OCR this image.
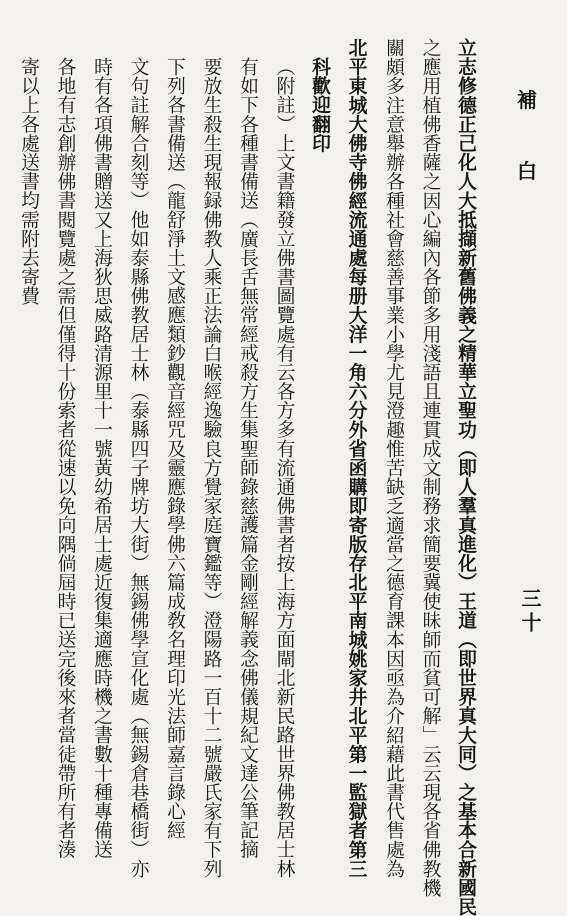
補
白
三十
立志修德正己化人大抵擷新舊佛義之精華立聖功（即人羣真進化）王道（即世界真大同）之基本合新國民
之應用植佛香薩之因心編內各節多用淺語且連貫成文制務求簡要冀使昧師而貧可解」云云現各省佛教機
關頗多注意舉辦各種社會慈善事業小學尤見澄趣惟苦缺乏適當之德育課本因亟為介紹藉此書代售處為
北平東城大佛寺佛經流通處每册大洋一角六分外省函購即寄版存北平南城姚家井北平第一監獄者第三
科歡迎翻印
（附註）上文書籍發立佛書圖覽處有云各方多有流通佛書者按上海方面閘北新民路世界佛教居士林
有如下各種書備送（廣長舌無常經戒殺方生集聖師錄慈護篇金剛經解義念佛儀規紀文達公筆記摘
要放生殺生現報録佛教人乘正法論白喉經逸驗良方覺家庭寶鑑等）澄陽路一百十二號嚴氏家有下列
下列各書備送（龍舒淨土文感應類鈔觀音經咒及靈應錄學佛六篇成敎名理印光法師嘉言錄心經
文句註解合刻等）他如泰縣佛教居士林（泰縣四子牌坊大街）無錫佛學宣化處（無錫倉巷橋街）亦
時有各項佛書贈送又上海狄思威路清源里十一號黃幼希居士處近復集適應時機之書數十種專備送
各地有志創辦佛書閱覽處之需但僅得十份索者從速以免向隅倘屆時已送完後來者當徒帶所有者湊
寄以上各處送書均需附去寄費
